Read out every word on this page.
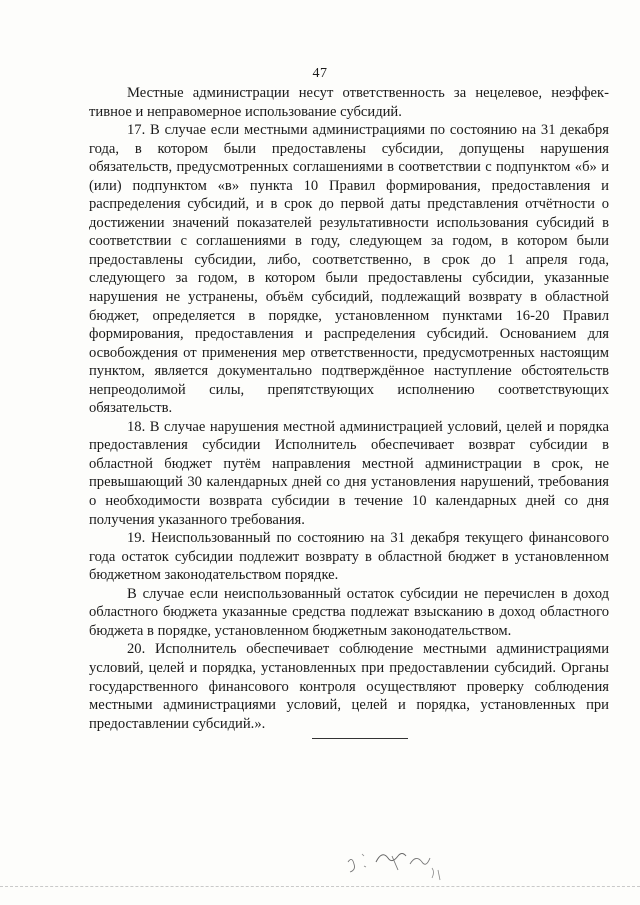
47

Местные администрации несут ответственность за нецелевое, неэффективное и неправомерное использование субсидий.

17. В случае если местными администрациями по состоянию на 31 декабря года, в котором были предоставлены субсидии, допущены нарушения обязательств, предусмотренных соглашениями в соответствии с подпунктом «б» и (или) подпунктом «в» пункта 10 Правил формирования, предоставления и распределения субсидий, и в срок до первой даты представления отчётности о достижении значений показателей результативности использования субсидий в соответствии с соглашениями в году, следующем за годом, в котором были предоставлены субсидии, либо, соответственно, в срок до 1 апреля года, следующего за годом, в котором были предоставлены субсидии, указанные нарушения не устранены, объём субсидий, подлежащий возврату в областной бюджет, определяется в порядке, установленном пунктами 16-20 Правил формирования, предоставления и распределения субсидий. Основанием для освобождения от применения мер ответственности, предусмотренных настоящим пунктом, является документально подтверждённое наступление обстоятельств непреодолимой силы, препятствующих исполнению соответствующих обязательств.

18. В случае нарушения местной администрацией условий, целей и порядка предоставления субсидии Исполнитель обеспечивает возврат субсидии в областной бюджет путём направления местной администрации в срок, не превышающий 30 календарных дней со дня установления нарушений, требования о необходимости возврата субсидии в течение 10 календарных дней со дня получения указанного требования.

19. Неиспользованный по состоянию на 31 декабря текущего финансового года остаток субсидии подлежит возврату в областной бюджет в установленном бюджетном законодательством порядке.

В случае если неиспользованный остаток субсидии не перечислен в доход областного бюджета указанные средства подлежат взысканию в доход областного бюджета в порядке, установленном бюджетным законодательством.

20. Исполнитель обеспечивает соблюдение местными администрациями условий, целей и порядка, установленных при предоставлении субсидий. Органы государственного финансового контроля осуществляют проверку соблюдения местными администрациями условий, целей и порядка, установленных при предоставлении субсидий.».
